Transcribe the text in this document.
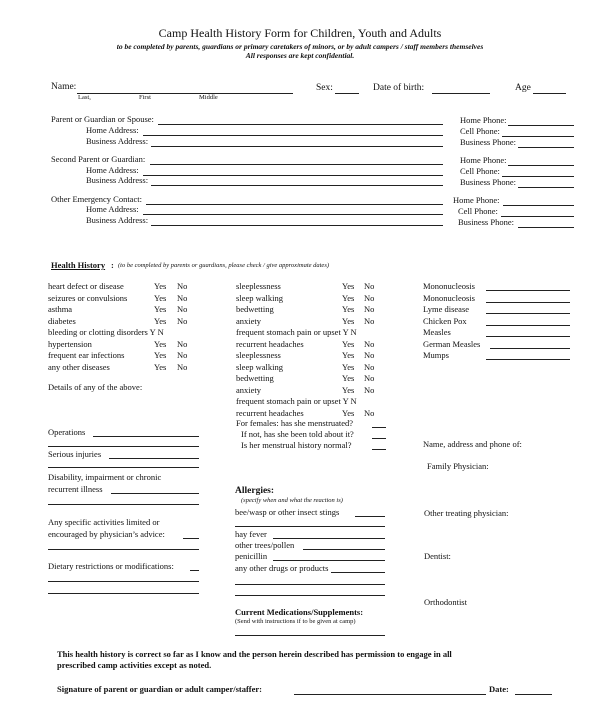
Camp Health History Form for Children, Youth and Adults
to be completed by parents, guardians or primary caretakers of minors, or by adult campers / staff members themselves
All responses are kept confidential.
Name:
Last,	First	Middle
Sex:	Date of birth:	Age
Parent or Guardian or Spouse:
Home Address:
Business Address:
Home Phone:
Cell Phone:
Business Phone:
Second Parent or Guardian:
Home Address:
Business Address:
Home Phone:
Cell Phone:
Business Phone:
Other Emergency Contact:
Home Address:
Business Address:
Home Phone:
Cell Phone:
Business Phone:
Health History : (to be completed by parents or guardians, please check / give approximate dates)
Details of any of the above:
For females: has she menstruated?
If not, has she been told about it?
Is her menstrual history normal?
Operations
Serious injuries
Disability, impairment or chronic
recurrent illness
Any specific activities limited or
encouraged by physician’s advice:
Dietary restrictions or modifications:
Allergies:
(specify when and what the reaction is)
bee/wasp or other insect stings
hay fever
other trees/pollen
penicillin
any other drugs or products
Current Medications/Supplements:
(Send with instructions if to be given at camp)
Name, address and phone of:
Family Physician:
Other treating physician:
Dentist:
Orthodontist
This health history is correct so far as I know and the person herein described has permission to engage in all
prescribed camp activities except as noted.
Signature of parent or guardian or adult camper/staffer:	Date:
heart defect or disease	Yes No
seizures or convulsions	Yes No
asthma	Yes No
diabetes	Yes No
bleeding or clotting disorders Y N
hypertension	Yes No
frequent ear infections	Yes No
any other diseases	Yes No
sleeplessness	Yes No
sleep walking	Yes No
bedwetting	Yes No
anxiety	Yes No
frequent stomach pain or upset Y N
recurrent headaches	Yes No
sleeplessness	Yes No
sleep walking	Yes No
bedwetting	Yes No
anxiety	Yes No
frequent stomach pain or upset Y N
recurrent headaches	Yes No
Mononucleosis
Mononucleosis
Lyme disease
Chicken Pox
Measles
German Measles
Mumps
